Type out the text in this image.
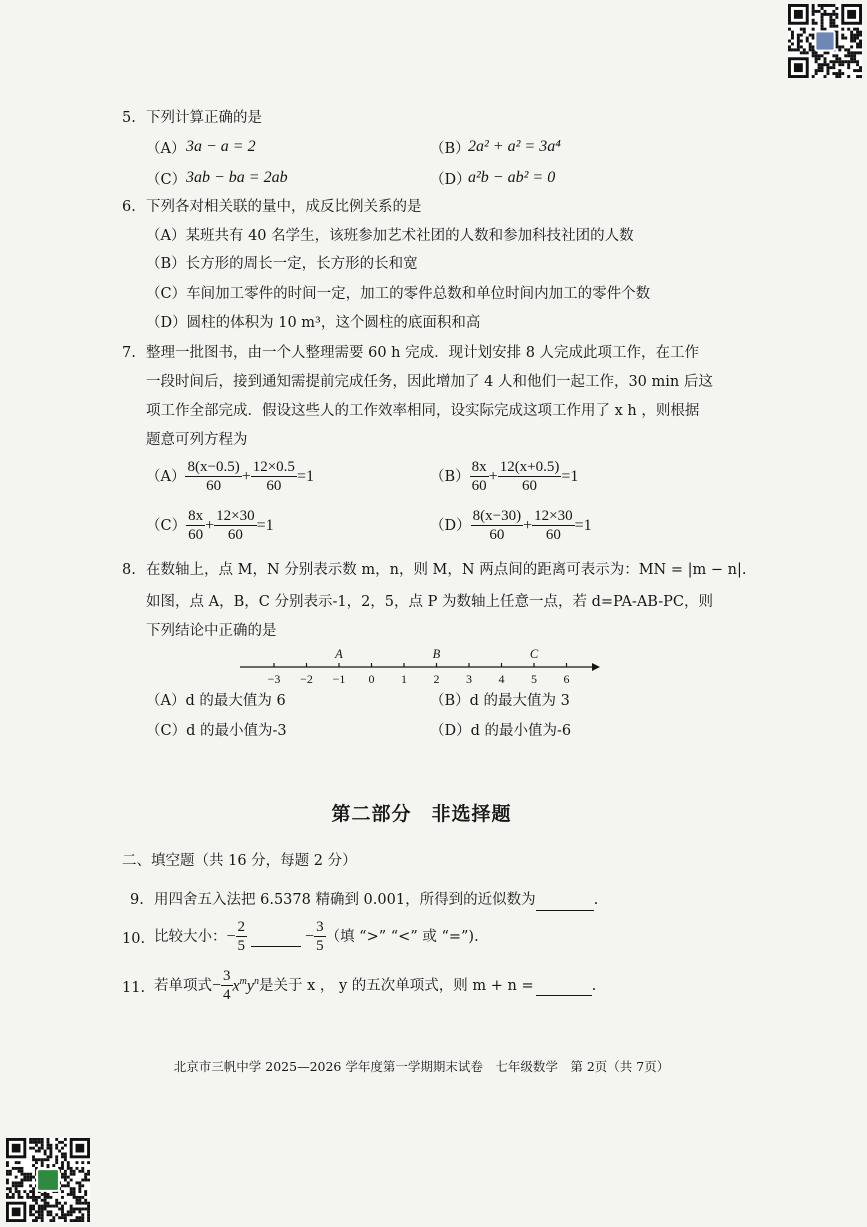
5. 下列计算正确的是
（A） 3a − a = 2	（B）
2a² + a² = 3a⁴
（C） 3ab − ba = 2ab	（D）
a²b − ab² = 0
6. 下列各对相关联的量中，成反比例关系的是
（A）某班共有 40 名学生，该班参加艺术社团的人数和参加科技社团的人数
（B）长方形的周长一定，长方形的长和宽
（C）车间加工零件的时间一定，加工的零件总数和单位时间内加工的零件个数
（D）圆柱的体积为 10 m³，这个圆柱的底面积和高
7. 整理一批图书，由一个人整理需要 60 h 完成．现计划安排 8 人完成此项工作，在工作
一段时间后，接到通知需提前完成任务，因此增加了 4 人和他们一起工作，30 min 后这
项工作全部完成．假设这些人的工作效率相同，设实际完成这项工作用了 x h ，则根据
题意可列方程为
$(A) \frac{8(x-0.5)}{60} + \frac{12\times 0.5}{60} =1$	$(B) \frac{8x}{60} + \frac{12(x+0.5)}{60} =1$
$(C) \frac{8x}{60} + \frac{12\times 30}{60} =1$	$(D) \frac{8(x-30)}{60} + \frac{12\times 30}{60} =1$
8. 在数轴上，点 M，N 分别表示数 m，n，则 M，N 两点间的距离可表示为：MN = |m − n|.
如图，点 A，B，C 分别表示-1，2，5，点 P 为数轴上任意一点，若 d=PA-AB-PC，则
下列结论中正确的是
−3 −2 −1 0 1 2 3 4 5 6
A	B	C
（A）d 的最大值为 6	（B）d 的最大值为 3
（C）d 的最小值为-3	（D）d 的最小值为-6
第二部分　非选择题
二、填空题（共 16 分，每题 2 分）
9. 用四舍五入法把 6.5378 精确到 0.001，所得到的近似数为	.
10. 比较大小： − $\frac{2}{5}$
	− $\frac{3}{5}$ （填 “>” “<” 或 “=”).
11. 若单项式 − $\frac{3}{4} x^my^n$ 是关于 x ， y 的五次单项式，则 m + n =
	.
北京市三帆中学 2025—2026 学年度第一学期期末试卷　七年级数学　第 2页（共 7页）
